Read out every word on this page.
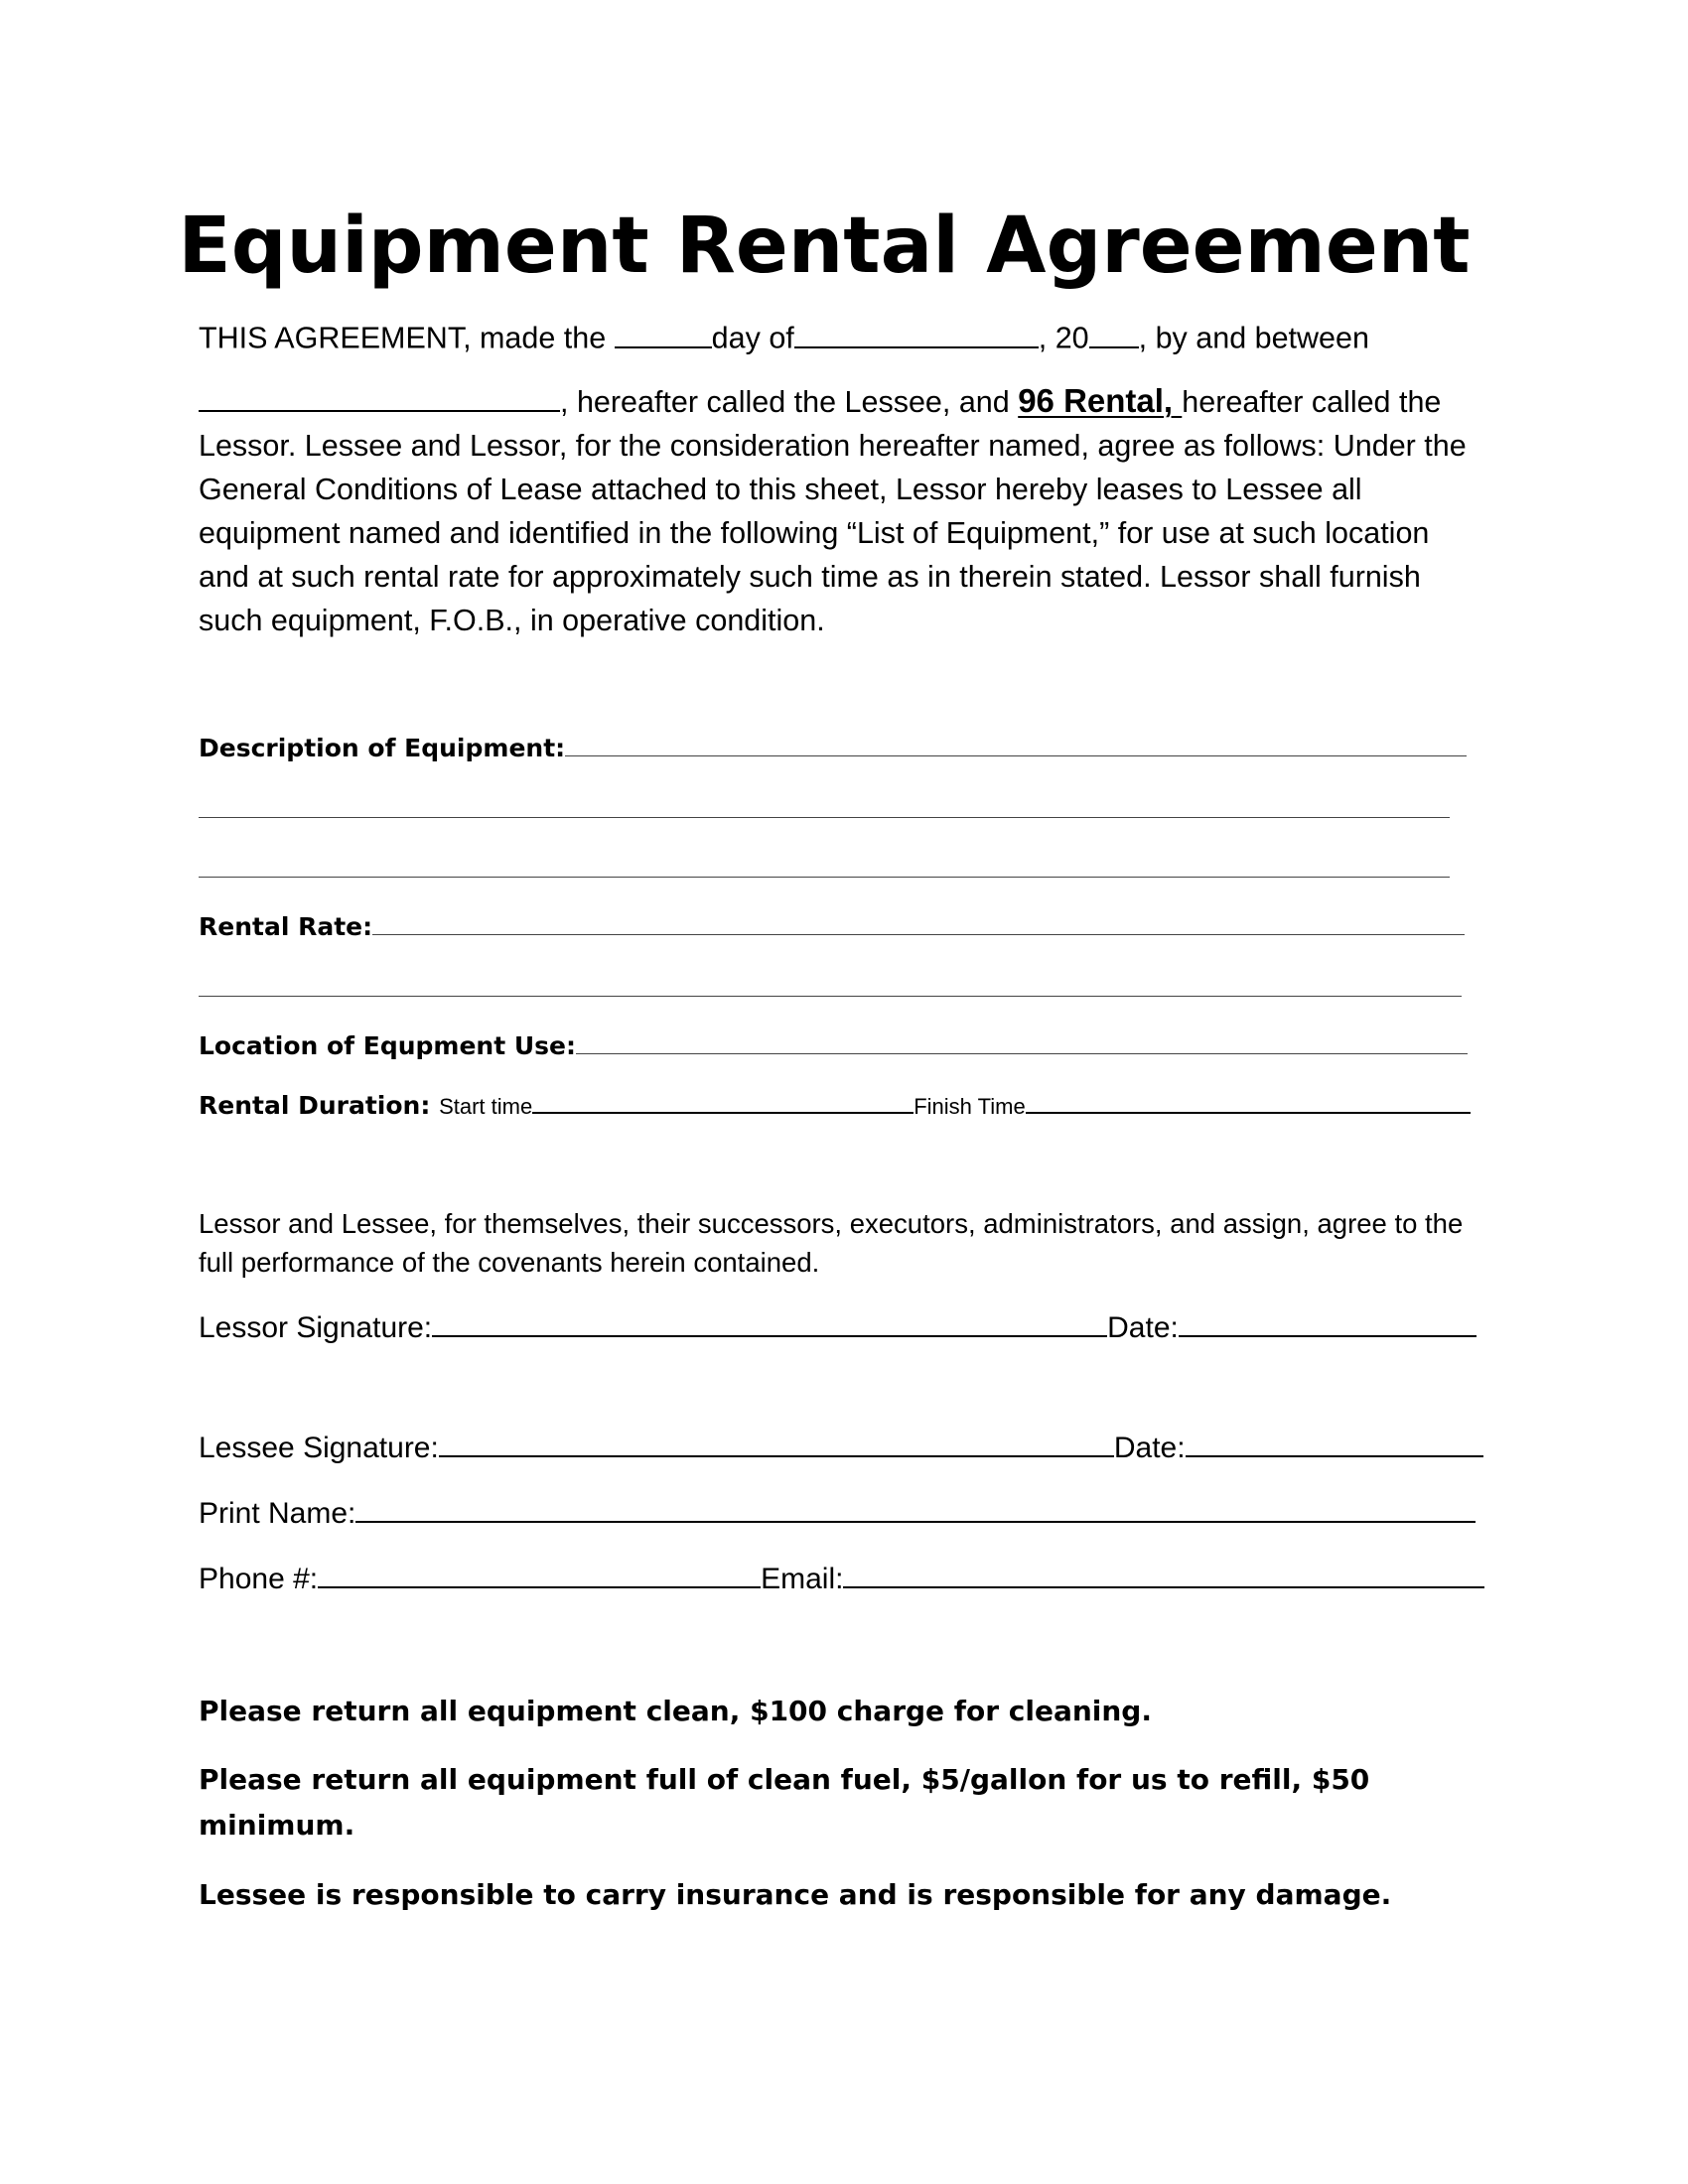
Equipment Rental Agreement
THIS AGREEMENT, made the	day of	, 20 , by and between
, hereafter called the Lessee, and 96 Rental, hereafter called the Lessor. Lessee and Lessor, for the consideration hereafter named, agree as follows: Under the General Conditions of Lease attached to this sheet, Lessor hereby leases to Lessee all equipment named and identified in the following “List of Equipment,” for use at such location and at such rental rate for approximately such time as in therein stated. Lessor shall furnish such equipment, F.O.B., in operative condition.
Description of Equipment:
Rental Rate:
Location of Equpment Use:
Rental Duration: Start time	Finish Time
Lessor and Lessee, for themselves, their successors, executors, administrators, and assign, agree to the full performance of the covenants herein contained.
Lessor Signature:	Date:
Lessee Signature:	Date:
Print Name:
Phone #:	Email:
Please return all equipment clean, $100 charge for cleaning.
Please return all equipment full of clean fuel, $5/gallon for us to refill, $50 minimum.
Lessee is responsible to carry insurance and is responsible for any damage.
